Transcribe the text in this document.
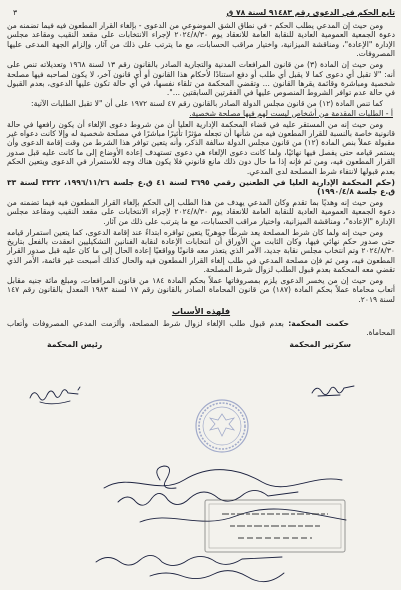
تابع الحكم في الدعوى رقم ٩١٤٨٣ لسنة ٧٨ ق
٣

ومن حيث إن المدعي يطلب الحكم - في نطاق الشق الموضوعي من الدعوى - بإلغاء القرار المطعون فيه فيما تضمنه من دعوة الجمعية العمومية العادية للنقابة العامة للانعقاد يوم ٢٠٢٤/٨/٣٠ لإجراء الانتخابات على مقعد النقيب ومقاعد مجلس الإدارة "الإعادة"، ومناقشة الميزانية، واختيار مراقب الحسابات، مع ما يترتب على ذلك من آثار، وإلزام الجهة المدعى عليها المصروفات.

ومن حيث إن المادة (٣) من قانون المرافعات المدنية والتجارية الصادر بالقانون رقم ١٣ لسنة ١٩٦٨ وتعديلاته تنص على أنه: "لا تقبل أي دعوى كما لا يقبل أي طلب أو دفع استنادًا لأحكام هذا القانون أو أي قانون آخر، لا يكون لصاحبه فيها مصلحة شخصية ومباشرة وقائمة يقرها القانون ... وتقضي المحكمة من تلقاء نفسها، في أي حالة تكون عليها الدعوى، بعدم القبول في حالة عدم توافر الشروط المنصوص عليها في الفقرتين السابقتين ...".

كما تنص المادة (١٢) من قانون مجلس الدولة الصادر بالقانون رقم ٤٧ لسنة ١٩٧٢ على أن "لا تقبل الطلبات الآتية:

أ - الطلبات المقدمة من أشخاص ليست لهم فيها مصلحة شخصية.

ومن حيث إنه من المستقر عليه في قضاء المحكمة الإدارية العليا أن من شروط دعوى الإلغاء أن يكون رافعها في حالة قانونية خاصة بالنسبة للقرار المطعون فيه من شأنها أن تجعله مؤثرًا تأثيرًا مباشرًا في مصلحة شخصية له وإلا كانت دعواه غير مقبولة عملاً بنص المادة (١٢) من قانون مجلس الدولة سالفة الذكر، وأنه يتعين توافر هذا الشرط من وقت إقامة الدعوى وأن يستمر قيامه حتى يفصل فيها نهائيًا، ولما كانت دعوى الإلغاء هي دعوى تستهدف إعادة الأوضاع إلى ما كانت عليه قبل صدور القرار المطعون فيه، ومن ثم فإنه إذا ما حال دون ذلك مانع قانوني فلا يكون هناك وجه للاستمرار في الدعوى ويتعين الحكم بعدم قبولها لانتفاء شرط المصلحة لدى المدعي.

(حكم المحكمة الإدارية العليا في الطعنين رقمي ٣٦٩٥ لسنة ٤١ ق.ع جلسة ١٩٩٦/١١/٢٦، ٣٣٢٢ لسنة ٣٣ ق.ع جلسة ١٩٩٠/٤/٨)

ومن حيث إنه وهديًا بما تقدم وكان المدعي يهدف من هذا الطلب إلى الحكم بإلغاء القرار المطعون فيه فيما تضمنه من دعوة الجمعية العمومية العادية للنقابة العامة للانعقاد يوم ٢٠٢٤/٨/٣٠ لإجراء الانتخابات على مقعد النقيب ومقاعد مجلس الإدارة "الإعادة"، ومناقشة الميزانية، واختيار مراقب الحسابات، مع ما يترتب على ذلك من آثار.

ومن حيث إنه ولما كان شرط المصلحة يعد شرطًا جوهريًا يتعين توافره ابتداءً عند إقامة الدعوى، كما يتعين استمرار قيامه حتى صدور حكم نهائي فيها، وكان الثابت من الأوراق أن انتخابات الإعادة لنقابة الفنانين التشكيليين انعقدت بالفعل بتاريخ ٢٠٢٤/٨/٣٠ وتم انتخاب مجلس نقابة جديد، الأمر الذي يتعذر معه قانونًا وواقعيًا إعادة الحال إلى ما كان عليه قبل صدور القرار المطعون فيه، ومن ثم فإن مصلحة المدعي في طلب إلغاء القرار المطعون فيه والحال كذلك أصبحت غير قائمة، الأمر الذي تقضي معه المحكمة بعدم قبول الطلب لزوال شرط المصلحة.

ومن حيث إن من يخسر الدعوى يلزم بمصروفاتها عملاً بحكم المادة ١٨٤ من قانون المرافعات، ومبلغ مائة جنيه مقابل أتعاب محاماة عملاً بحكم المادة (١٨٧) من قانون المحاماة الصادر بالقانون رقم ١٧ لسنة ١٩٨٣ المعدل بالقانون رقم ١٤٧ لسنة ٢٠١٩.

فلهذه الأسباب

حكمت المحكمة: بعدم قبول طلب الإلغاء لزوال شرط المصلحة، وألزمت المدعي المصروفات وأتعاب المحاماة.

سكرتير المحكمة
رئيس المحكمة
